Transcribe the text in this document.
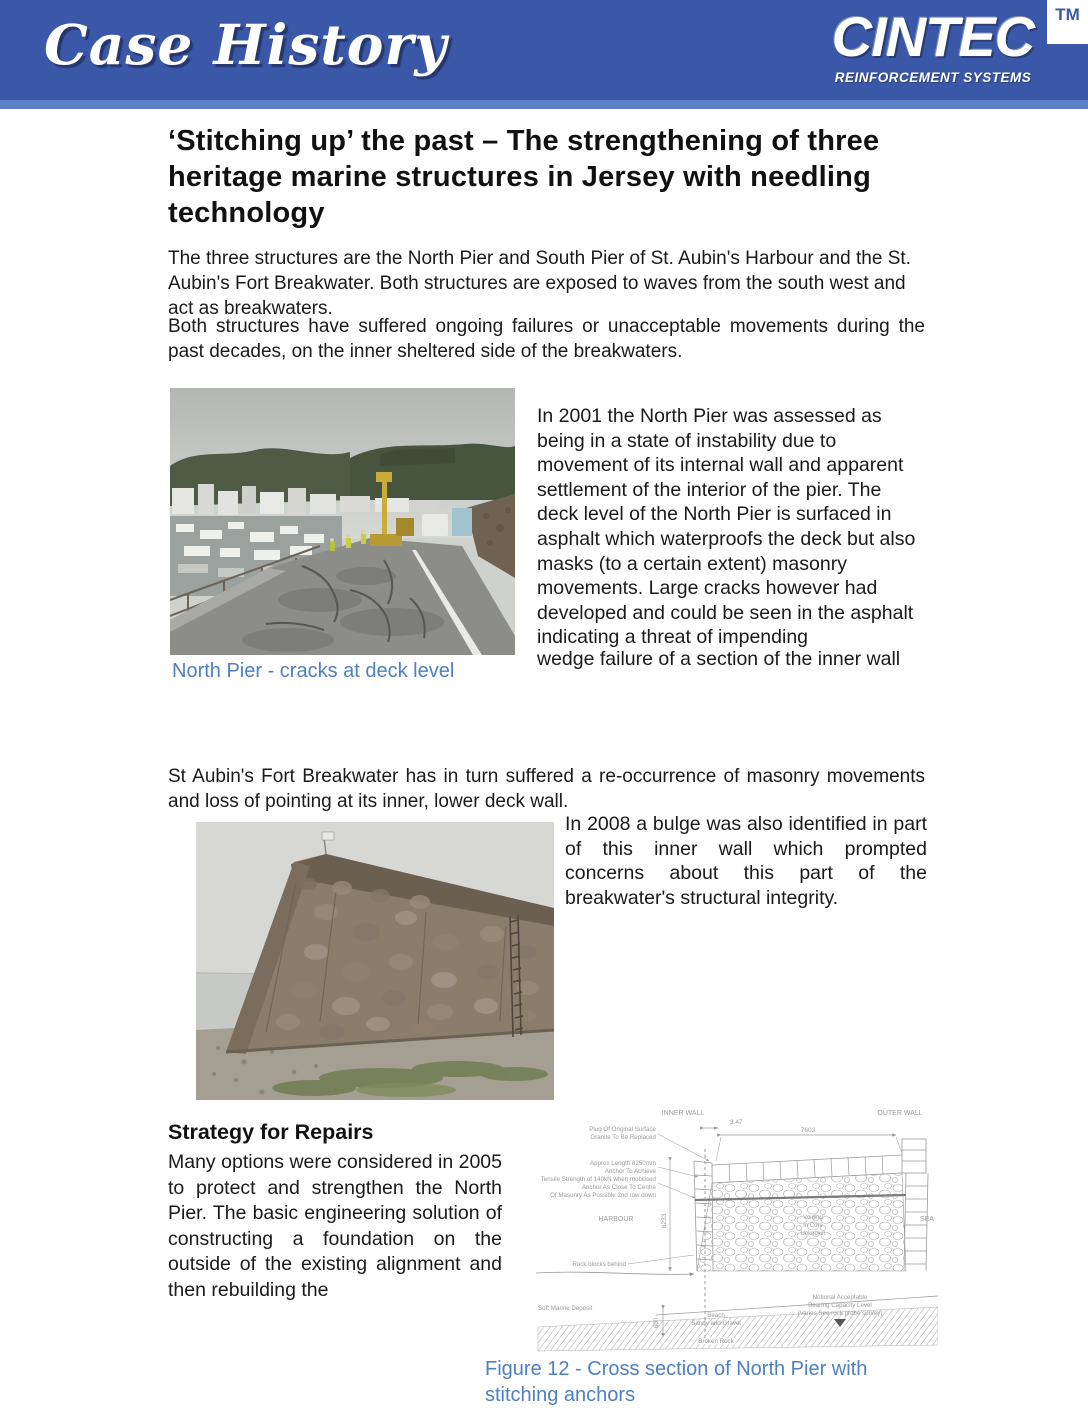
Case History	CINTEC
REINFORCEMENT SYSTEMS
TM
‘Stitching up’ the past – The strengthening of three heritage marine structures in Jersey with needling technology
The three structures are the North Pier and South Pier of St. Aubin's Harbour and the St. Aubin's Fort Breakwater. Both structures are exposed to waves from the south west and act as breakwaters.
Both structures have suffered ongoing failures or unacceptable movements during the past decades, on the inner sheltered side of the breakwaters.
North Pier - cracks at deck level
In 2001 the North Pier was assessed as being in a state of instability due to movement of its internal wall and apparent settlement of the interior of the pier. The deck level of the North Pier is surfaced in asphalt which waterproofs the deck but also masks (to a certain extent) masonry movements. Large cracks however had developed and could be seen in the asphalt indicating a threat of impending
wedge failure of a section of the inner wall
St Aubin's Fort Breakwater has in turn suffered a re-occurrence of masonry movements and loss of pointing at its inner, lower deck wall.
In 2008 a bulge was also identified in part of this inner wall which prompted concerns about this part of the breakwater's structural integrity.
Strategy for Repairs
Many options were considered in 2005 to protect and strengthen the North Pier. The basic engineering solution of constructing a foundation on the outside of the existing alignment and then rebuilding the
INNER WALL	OUTER WALL
7603
3.47
Plug Of Original Surface
Granite To Be Replaced
Approx Length 8250mm
Anchor To Achieve
Tensile Strength of 140kN when mobilised
Anchor As Close To Centre
Of Masonry As Possible 2nd row down
Rock blocks behind
6233
HARBOUR	SEA
Voiding
In Core
Unknown
Soft Marine Deposit
600
Beach
Sandy and Gravel
Notional Acceptable
Bearing Capacity Level
(Varies See rock probe survey)
Broken Rock
Figure 12 - Cross section of North Pier with stitching anchors
